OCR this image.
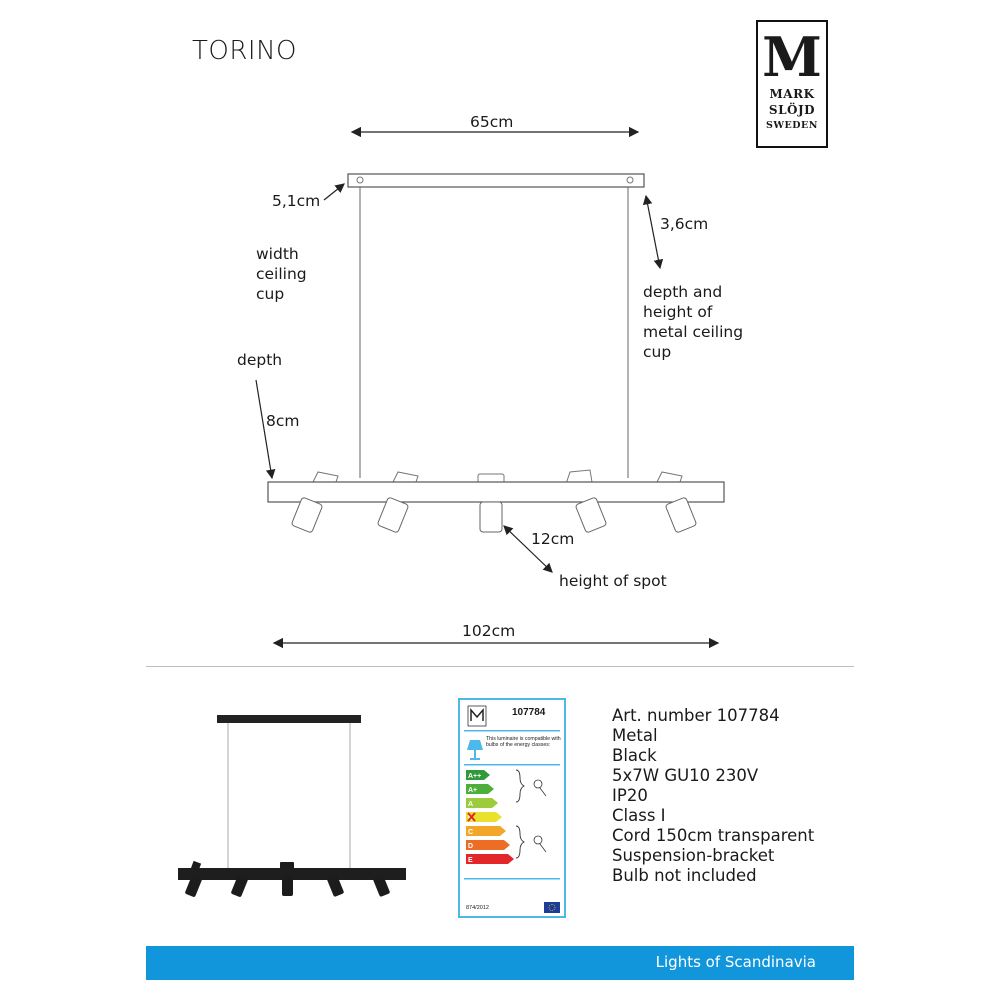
TORINO	M
MARK
SLÖJD
SWEDEN
65cm
5,1cm
width
ceiling
cup
3,6cm
depth and
height of
metal ceiling
cup
depth
8cm
12cm
height of spot
102cm
A++
A+
A
C
D
E
107784
This luminaire is compatible with bulbs of the energy classes:
874/2012
Art. number 107784
Metal
Black
5x7W GU10 230V
IP20
Class I
Cord 150cm transparent
Suspension-bracket
Bulb not included
Lights of Scandinavia
